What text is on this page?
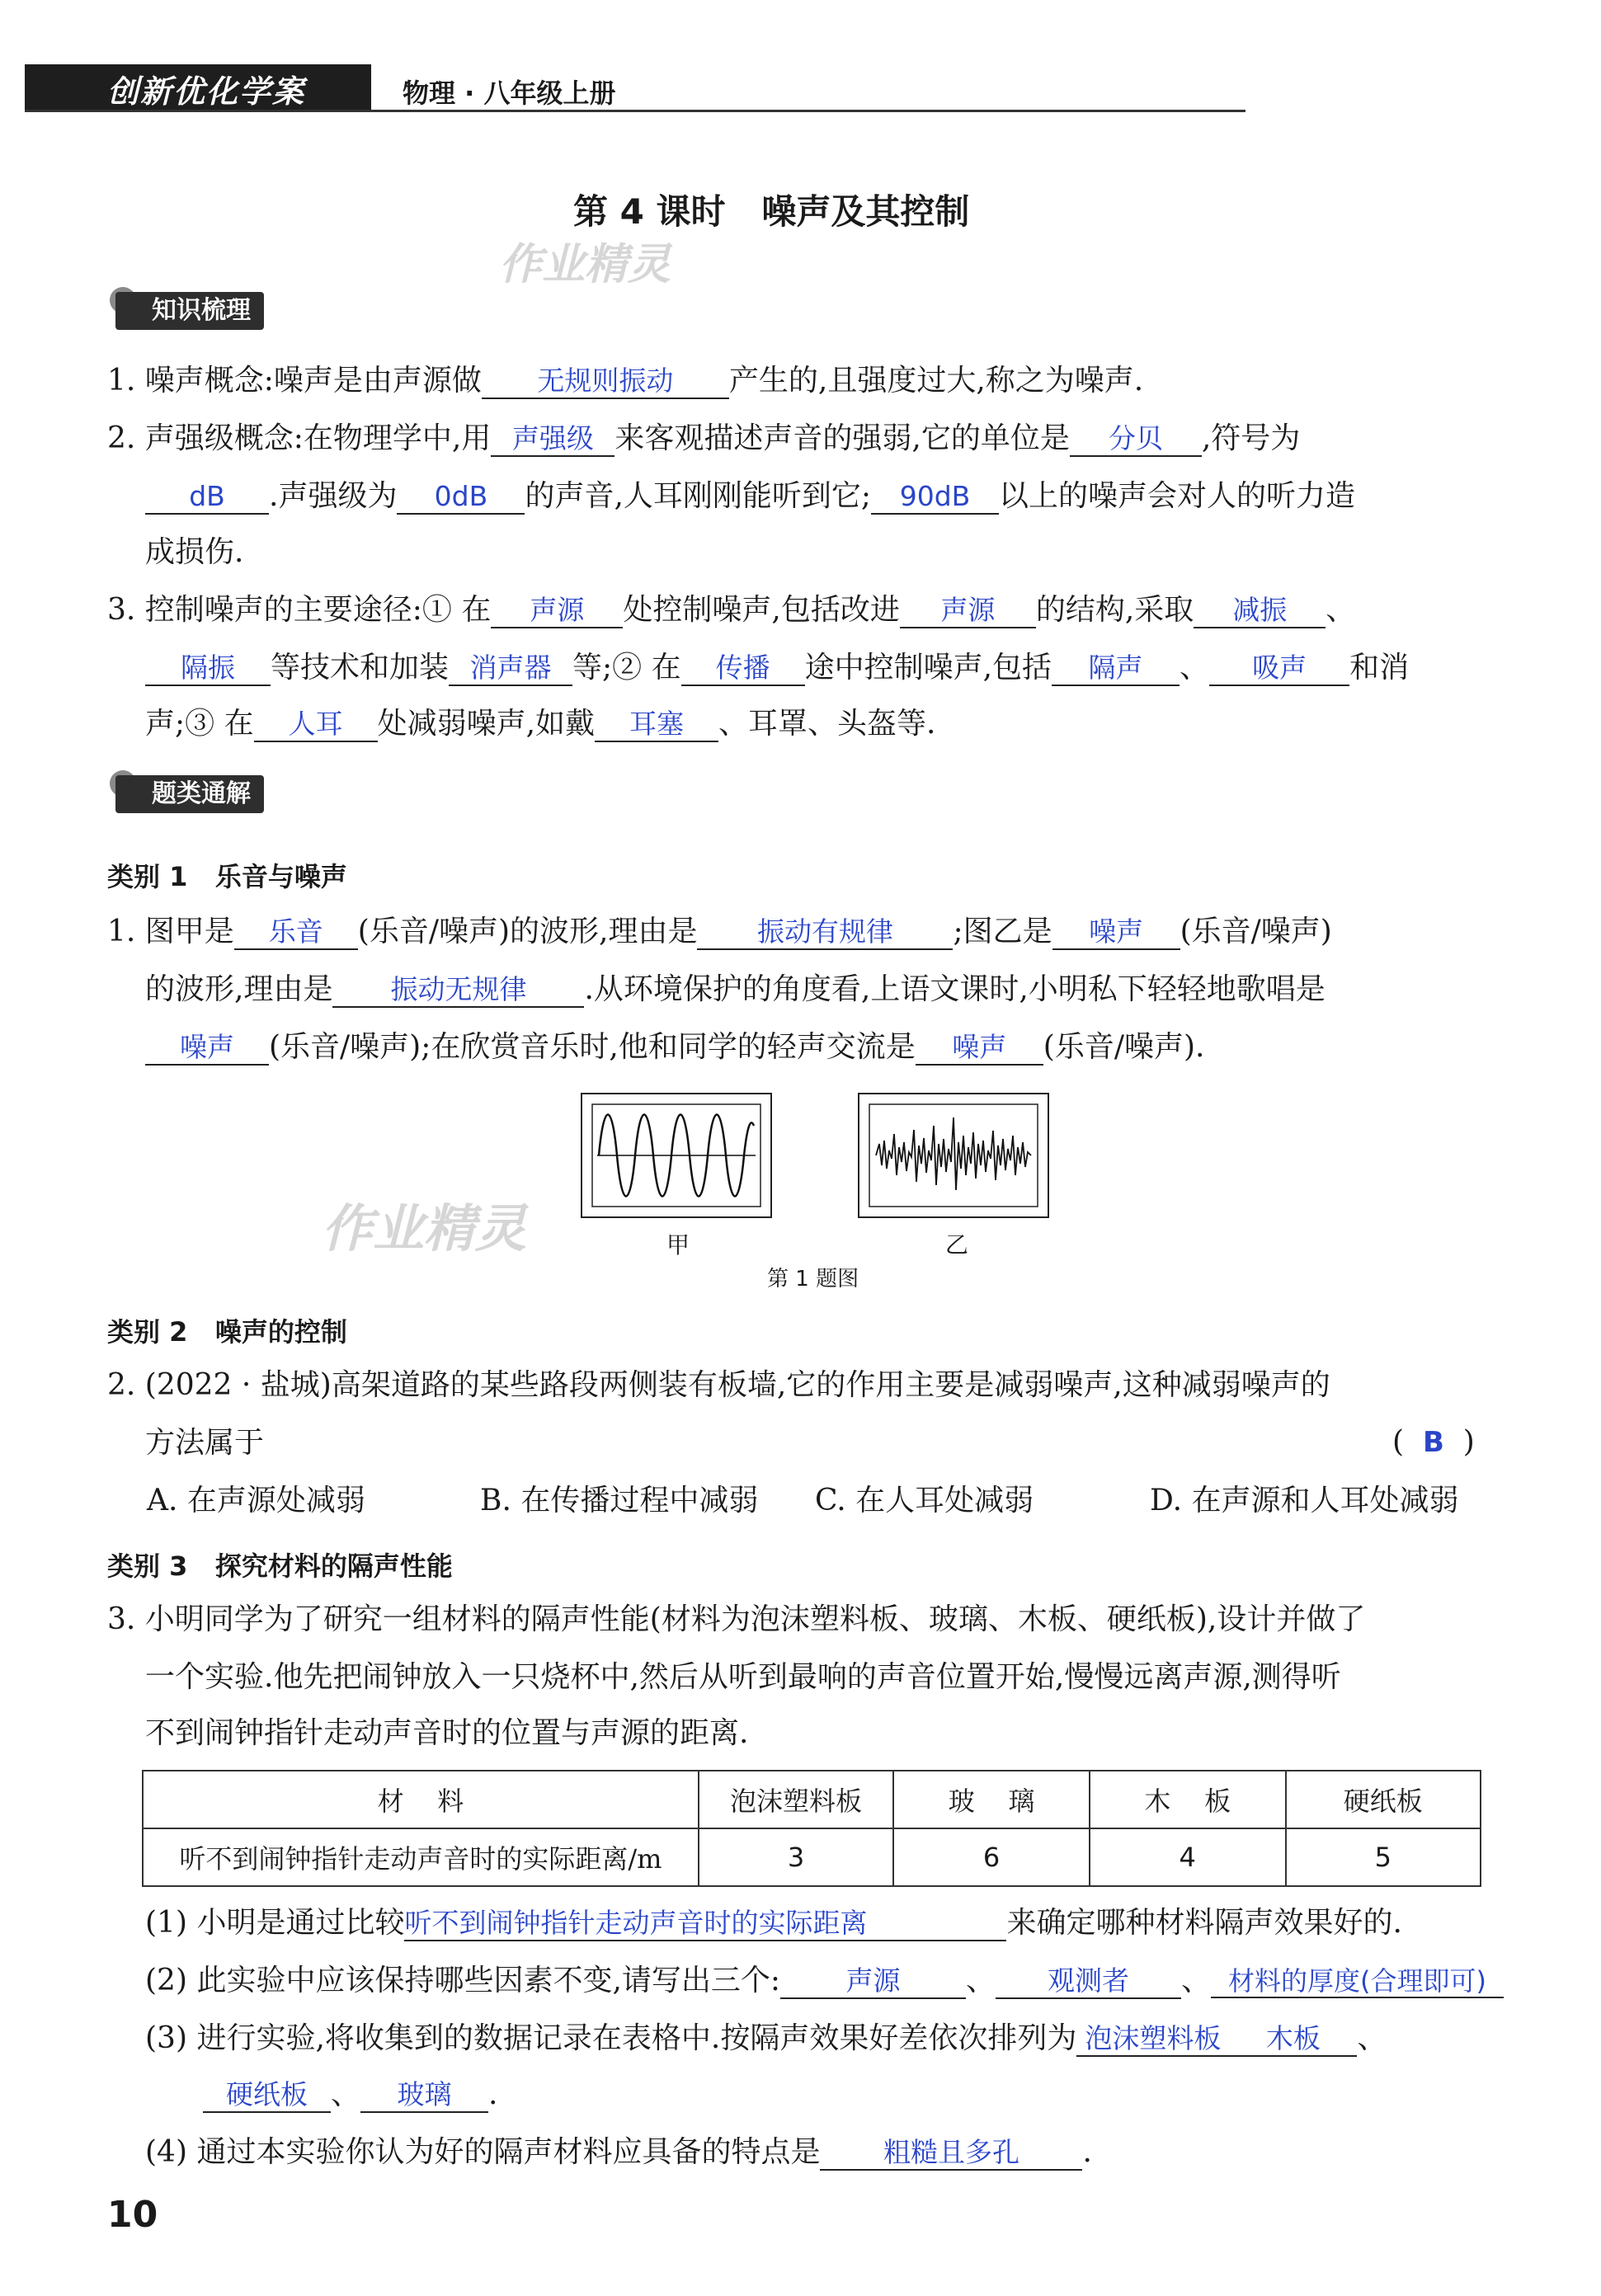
创新优化学案	物理 · 八年级上册
第 4 课时   噪声及其控制
作业精灵
知识梳理
1. 噪声概念:噪声是由声源做 无规则振动 产生的,且强度过大,称之为噪声.
2. 声强级概念:在物理学中,用 声强级 来客观描述声音的强弱,它的单位是 分贝 ,符号为
dB .声强级为 0dB 的声音,人耳刚刚能听到它; 90dB 以上的噪声会对人的听力造
成损伤.
3. 控制噪声的主要途径:① 在 声源 处控制噪声,包括改进 声源 的结构,采取 减振 、
隔振 等技术和加装 消声器 等;② 在 传播 途中控制噪声,包括 隔声 、 吸声 和消
声;③ 在 人耳 处减弱噪声,如戴 耳塞 、耳罩、头盔等.
题类通解
类别 1   乐音与噪声
1. 图甲是 乐音 (乐音/噪声)的波形,理由是 振动有规律 ;图乙是 噪声 (乐音/噪声)
的波形,理由是 振动无规律 .从环境保护的角度看,上语文课时,小明私下轻轻地歌唱是
噪声 (乐音/噪声);在欣赏音乐时,他和同学的轻声交流是 噪声 (乐音/噪声).
甲	乙
第 1 题图
作业精灵
类别 2   噪声的控制
2. (2022 · 盐城)高架道路的某些路段两侧装有板墙,它的作用主要是减弱噪声,这种减弱噪声的
方法属于	(  B  )
A. 在声源处减弱	B. 在传播过程中减弱 C. 在人耳处减弱	D. 在声源和人耳处减弱
类别 3   探究材料的隔声性能
3. 小明同学为了研究一组材料的隔声性能(材料为泡沫塑料板、玻璃、木板、硬纸板),设计并做了
一个实验.他先把闹钟放入一只烧杯中,然后从听到最响的声音位置开始,慢慢远离声源,测得听
不到闹钟指针走动声音时的位置与声源的距离.
材    料	泡沫塑料板	玻    璃	木    板	硬纸板
听不到闹钟指针走动声音时的实际距离/m	3	6	4	5
(1) 小明是通过比较听不到闹钟指针走动声音时的实际距离	来确定哪种材料隔声效果好的.
(2) 此实验中应该保持哪些因素不变,请写出三个: 声源 、 观测者 、 材料的厚度(合理即可)
(3) 进行实验,将收集到的数据记录在表格中.按隔声效果好差依次排列为 泡沫塑料板 木板 、
硬纸板 、 玻璃 .
(4) 通过本实验你认为好的隔声材料应具备的特点是 粗糙且多孔 .
10
